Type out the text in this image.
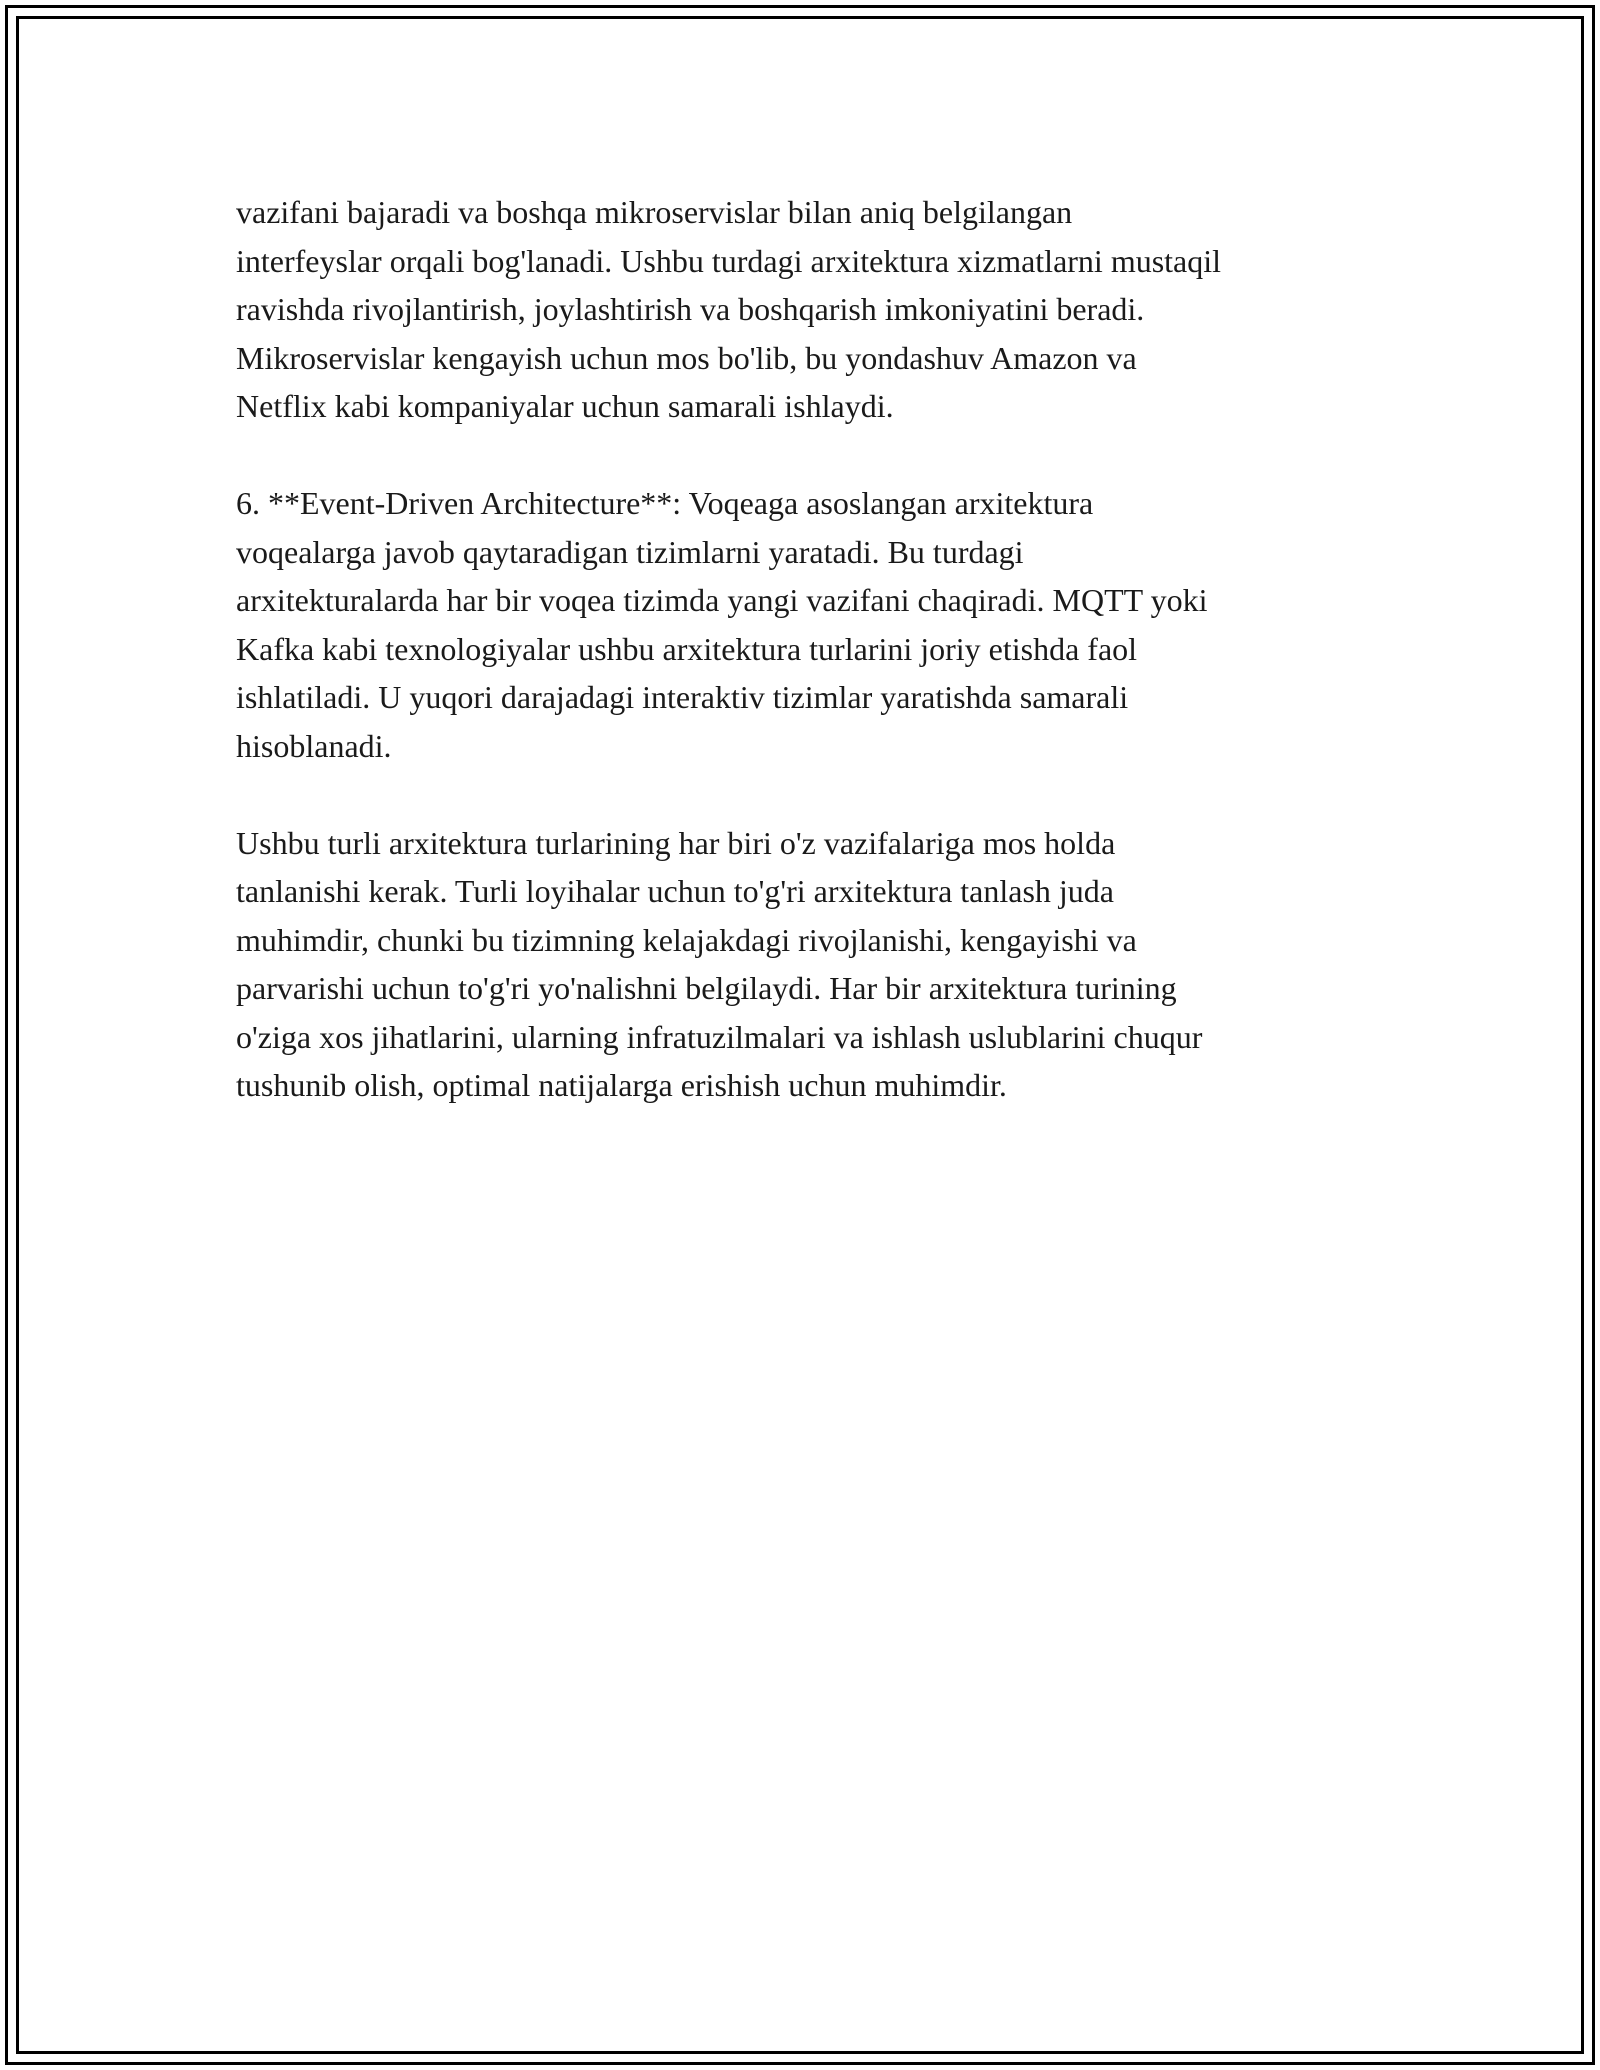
vazifani bajaradi va boshqa mikroservislar bilan aniq belgilangan
interfeyslar orqali bog'lanadi. Ushbu turdagi arxitektura xizmatlarni mustaqil
ravishda rivojlantirish, joylashtirish va boshqarish imkoniyatini beradi.
Mikroservislar kengayish uchun mos bo'lib, bu yondashuv Amazon va
Netflix kabi kompaniyalar uchun samarali ishlaydi.

6. **Event-Driven Architecture**: Voqeaga asoslangan arxitektura
voqealarga javob qaytaradigan tizimlarni yaratadi. Bu turdagi
arxitekturalarda har bir voqea tizimda yangi vazifani chaqiradi. MQTT yoki
Kafka kabi texnologiyalar ushbu arxitektura turlarini joriy etishda faol
ishlatiladi. U yuqori darajadagi interaktiv tizimlar yaratishda samarali
hisoblanadi.

Ushbu turli arxitektura turlarining har biri o'z vazifalariga mos holda
tanlanishi kerak. Turli loyihalar uchun to'g'ri arxitektura tanlash juda
muhimdir, chunki bu tizimning kelajakdagi rivojlanishi, kengayishi va
parvarishi uchun to'g'ri yo'nalishni belgilaydi. Har bir arxitektura turining
o'ziga xos jihatlarini, ularning infratuzilmalari va ishlash uslublarini chuqur
tushunib olish, optimal natijalarga erishish uchun muhimdir.
